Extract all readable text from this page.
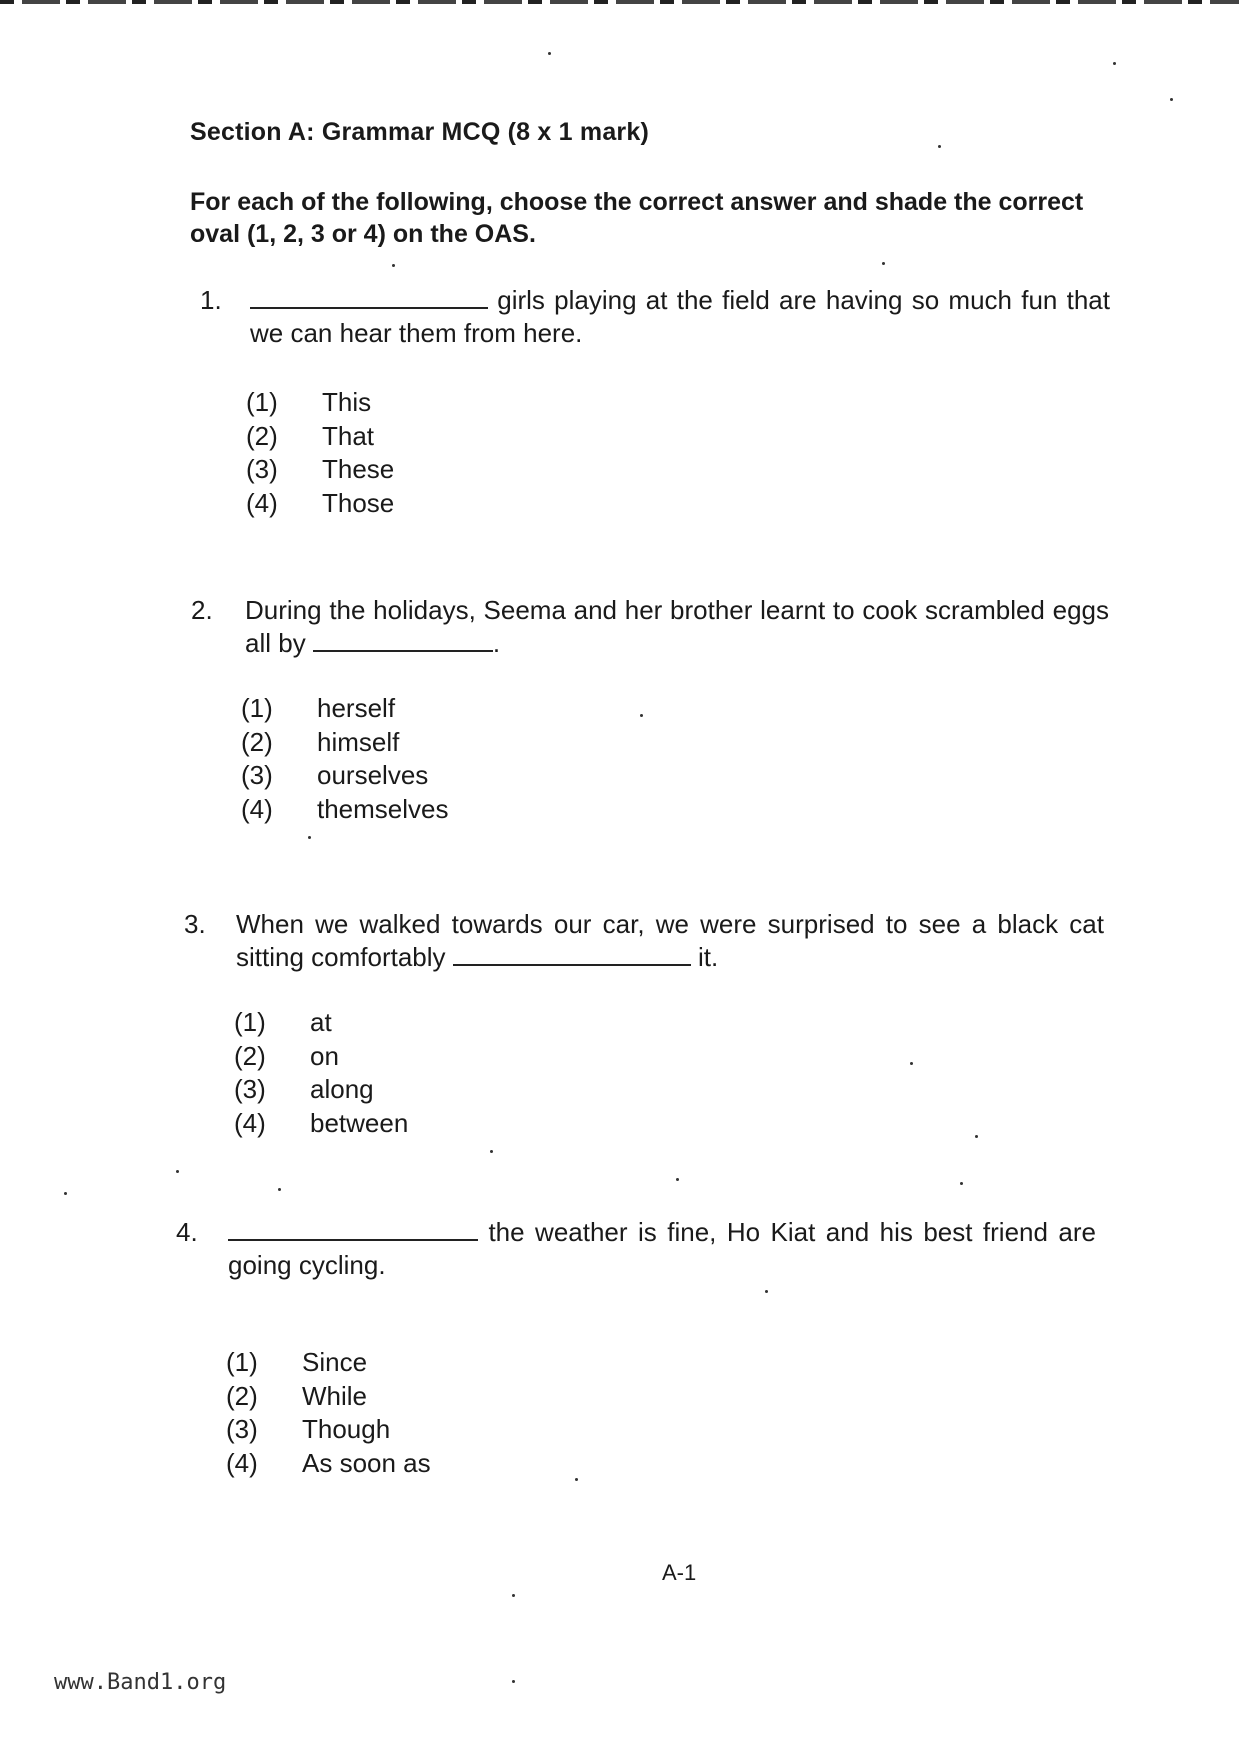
Section A: Grammar MCQ (8 x 1 mark)
For each of the following, choose the correct answer and shade the correct oval (1, 2, 3 or 4) on the OAS.
1.	girls playing at the field are having so much fun that we can hear them from here.
(1) This
(2) That
(3) These
(4) Those
2. During the holidays, Seema and her brother learnt to cook scrambled eggs all by	.
(1) herself
(2) himself
(3) ourselves
(4) themselves
3. When we walked towards our car, we were surprised to see a black cat sitting comfortably	it.
(1) at
(2) on
(3) along
(4) between
4.	the weather is fine, Ho Kiat and his best friend are going cycling.
(1) Since
(2) While
(3) Though
(4) As soon as
A-1
www.Band1.org
